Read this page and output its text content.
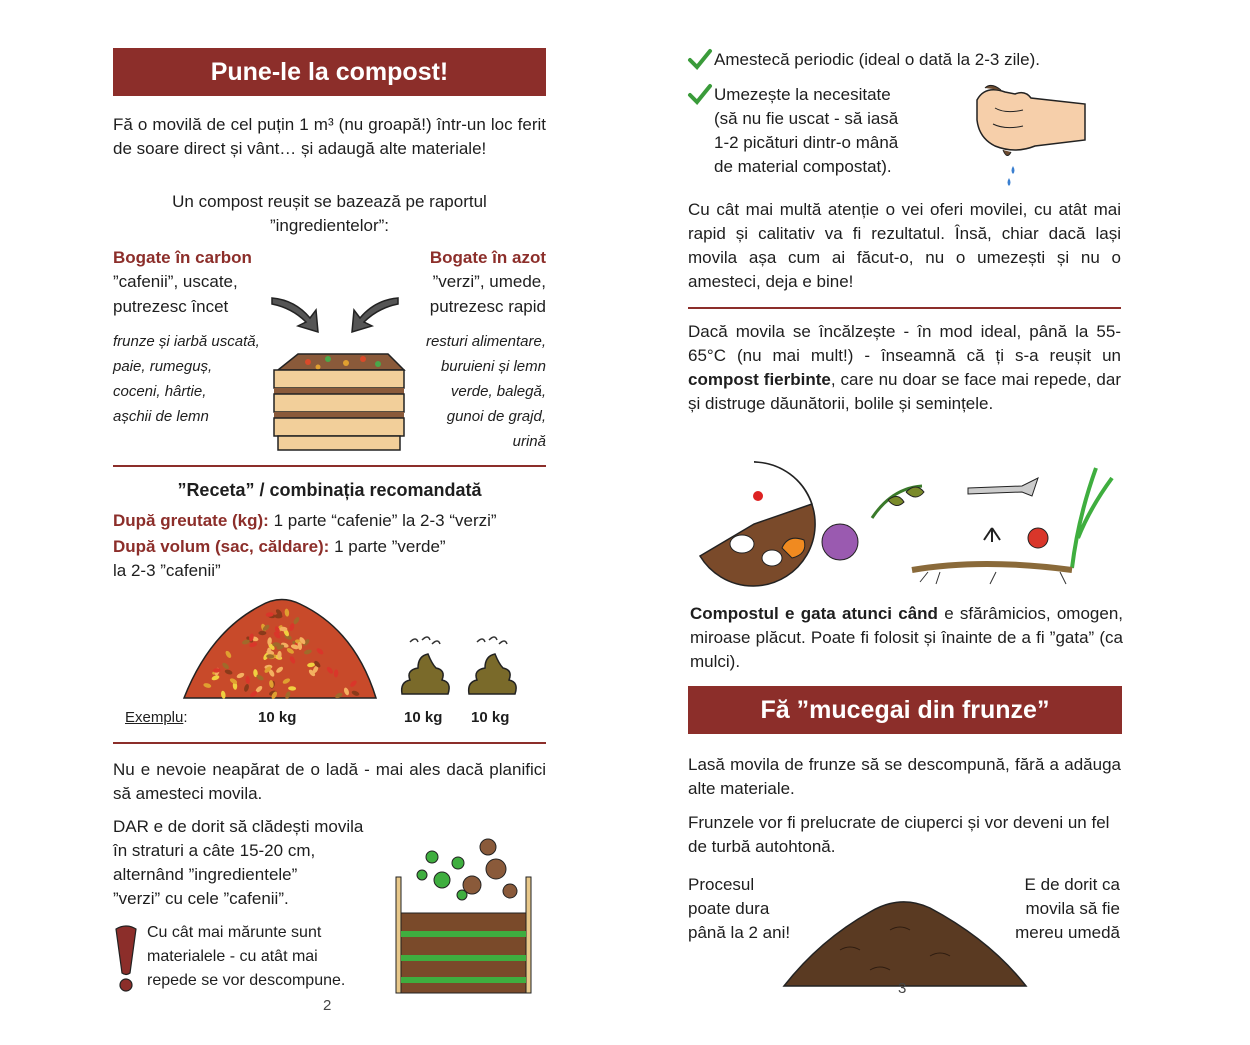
Pune-le la compost!
Fă o movilă de cel puțin 1 m³ (nu groapă!) într-un loc ferit de soare direct și vânt… și adaugă alte materiale!
Un compost reușit se bazează pe raportul
”ingredientelor”:
Bogate în carbon
”cafenii”, uscate,
putrezesc încet
Bogate în azot
”verzi”, umede,
putrezesc rapid
frunze și iarbă uscată,
paie, rumeguș,
coceni, hârtie,
așchii de lemn
resturi alimentare,
buruieni și lemn
verde, balegă,
gunoi de grajd,
urină
”Receta” / combinația recomandată
După greutate (kg): 1 parte “cafenie” la 2-3 “verzi”
După volum (sac, căldare): 1 parte ”verde”
la 2-3 ”cafenii”
Exemplu:	10 kg	10 kg 10 kg
Nu e nevoie neapărat de o ladă - mai ales dacă planifici să amesteci movila.
DAR e de dorit să clădești movila
în straturi a câte 15-20 cm,
alternând ”ingredientele”
”verzi” cu cele ”cafenii”.
Cu cât mai mărunte sunt
materialele - cu atât mai
repede se vor descompune.
2
Amestecă periodic (ideal o dată la 2-3 zile).
Umezește la necesitate
(să nu fie uscat - să iasă
1-2 picături dintr-o mână
de material compostat).
Cu cât mai multă atenție o vei oferi movilei, cu atât mai rapid și calitativ va fi rezultatul. Însă, chiar dacă lași movila așa cum ai făcut-o, nu o umezești și nu o amesteci, deja e bine!
Dacă movila se încălzește - în mod ideal, până la 55-65°C (nu mai mult!) - înseamnă că ți s-a reușit un compost fierbinte, care nu doar se face mai repede, dar și distruge dăunătorii, bolile și semințele.
Compostul e gata atunci când e sfărâmicios, omogen, miroase plăcut. Poate fi folosit și înainte de a fi ”gata” (ca mulci).
Fă ”mucegai din frunze”
Lasă movila de frunze să se descompună, fără a adăuga alte materiale.
Frunzele vor fi prelucrate de ciuperci și vor deveni un fel de turbă autohtonă.
Procesul
poate dura
până la 2 ani!
E de dorit ca
movila să fie
mereu umedă
3
